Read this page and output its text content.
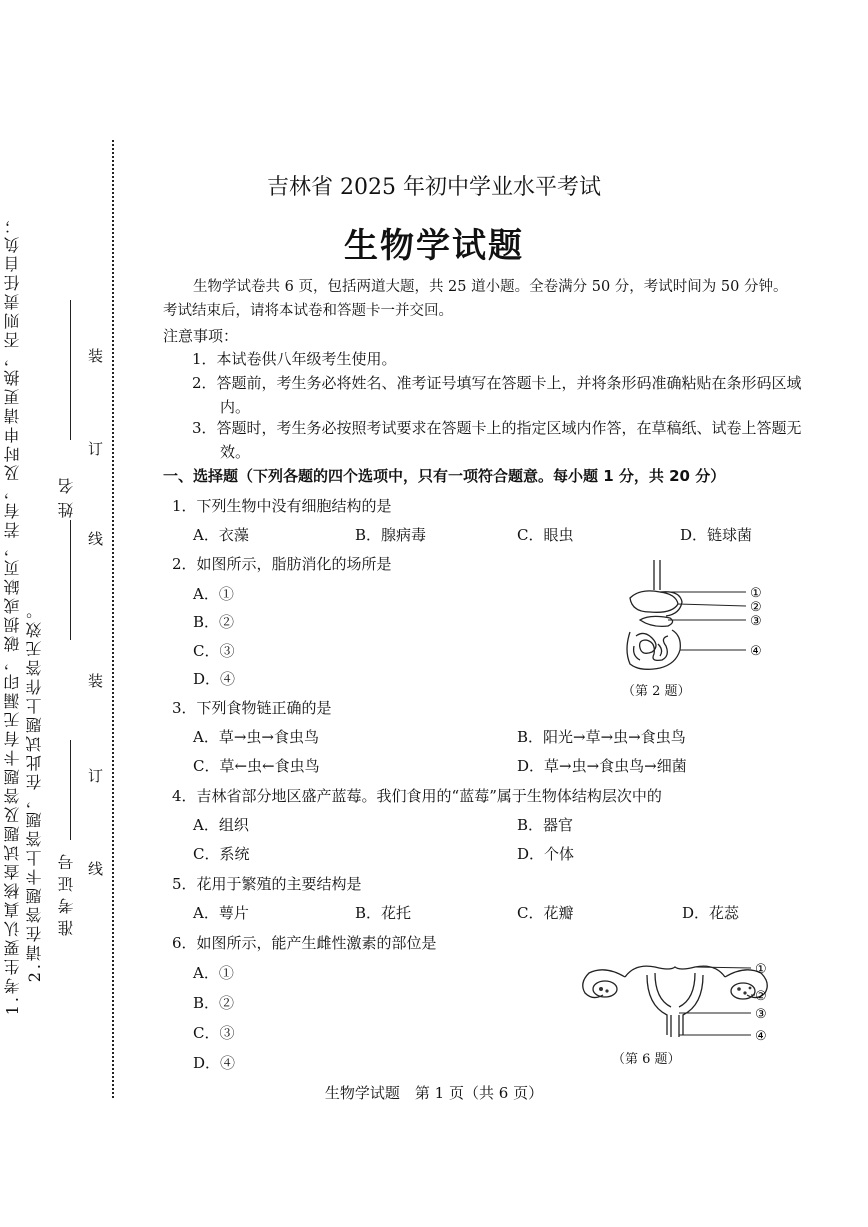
1.考生要认真核查试题及答题卡有无漏印，破损或缺页，若有，及时申请更换，否则责任自负； 2.请在答题卡上答题，在此试题上作答无效。
姓名
准考证号
装
订
线
装
订
线
吉林省 2025 年初中学业水平考试
生物学试题
生物学试卷共 6 页，包括两道大题，共 25 道小题。全卷满分 50 分，考试时间为 50 分钟。考试结束后，请将本试卷和答题卡一并交回。
注意事项：
1．本试卷供八年级考生使用。
2．答题前，考生务必将姓名、准考证号填写在答题卡上，并将条形码准确粘贴在条形码区域内。
3．答题时，考生务必按照考试要求在答题卡上的指定区域内作答，在草稿纸、试卷上答题无效。
一、选择题（下列各题的四个选项中，只有一项符合题意。每小题 1 分，共 20 分）
1．下列生物中没有细胞结构的是
A．衣藻	B．腺病毒	C．眼虫	D．链球菌
2．如图所示，脂肪消化的场所是
A．①
B．②
C．③
D．④
①
②
③
④
（第 2 题）
3．下列食物链正确的是
A．草→虫→食虫鸟	B．阳光→草→虫→食虫鸟
C．草←虫←食虫鸟	D．草→虫→食虫鸟→细菌
4．吉林省部分地区盛产蓝莓。我们食用的“蓝莓”属于生物体结构层次中的
A．组织	B．器官
C．系统	D．个体
5．花用于繁殖的主要结构是
A．萼片	B．花托	C．花瓣	D．花蕊
6．如图所示，能产生雌性激素的部位是
A．①
B．②
C．③
D．④
①
②
③
④
（第 6 题）
生物学试题　第 1 页（共 6 页）
